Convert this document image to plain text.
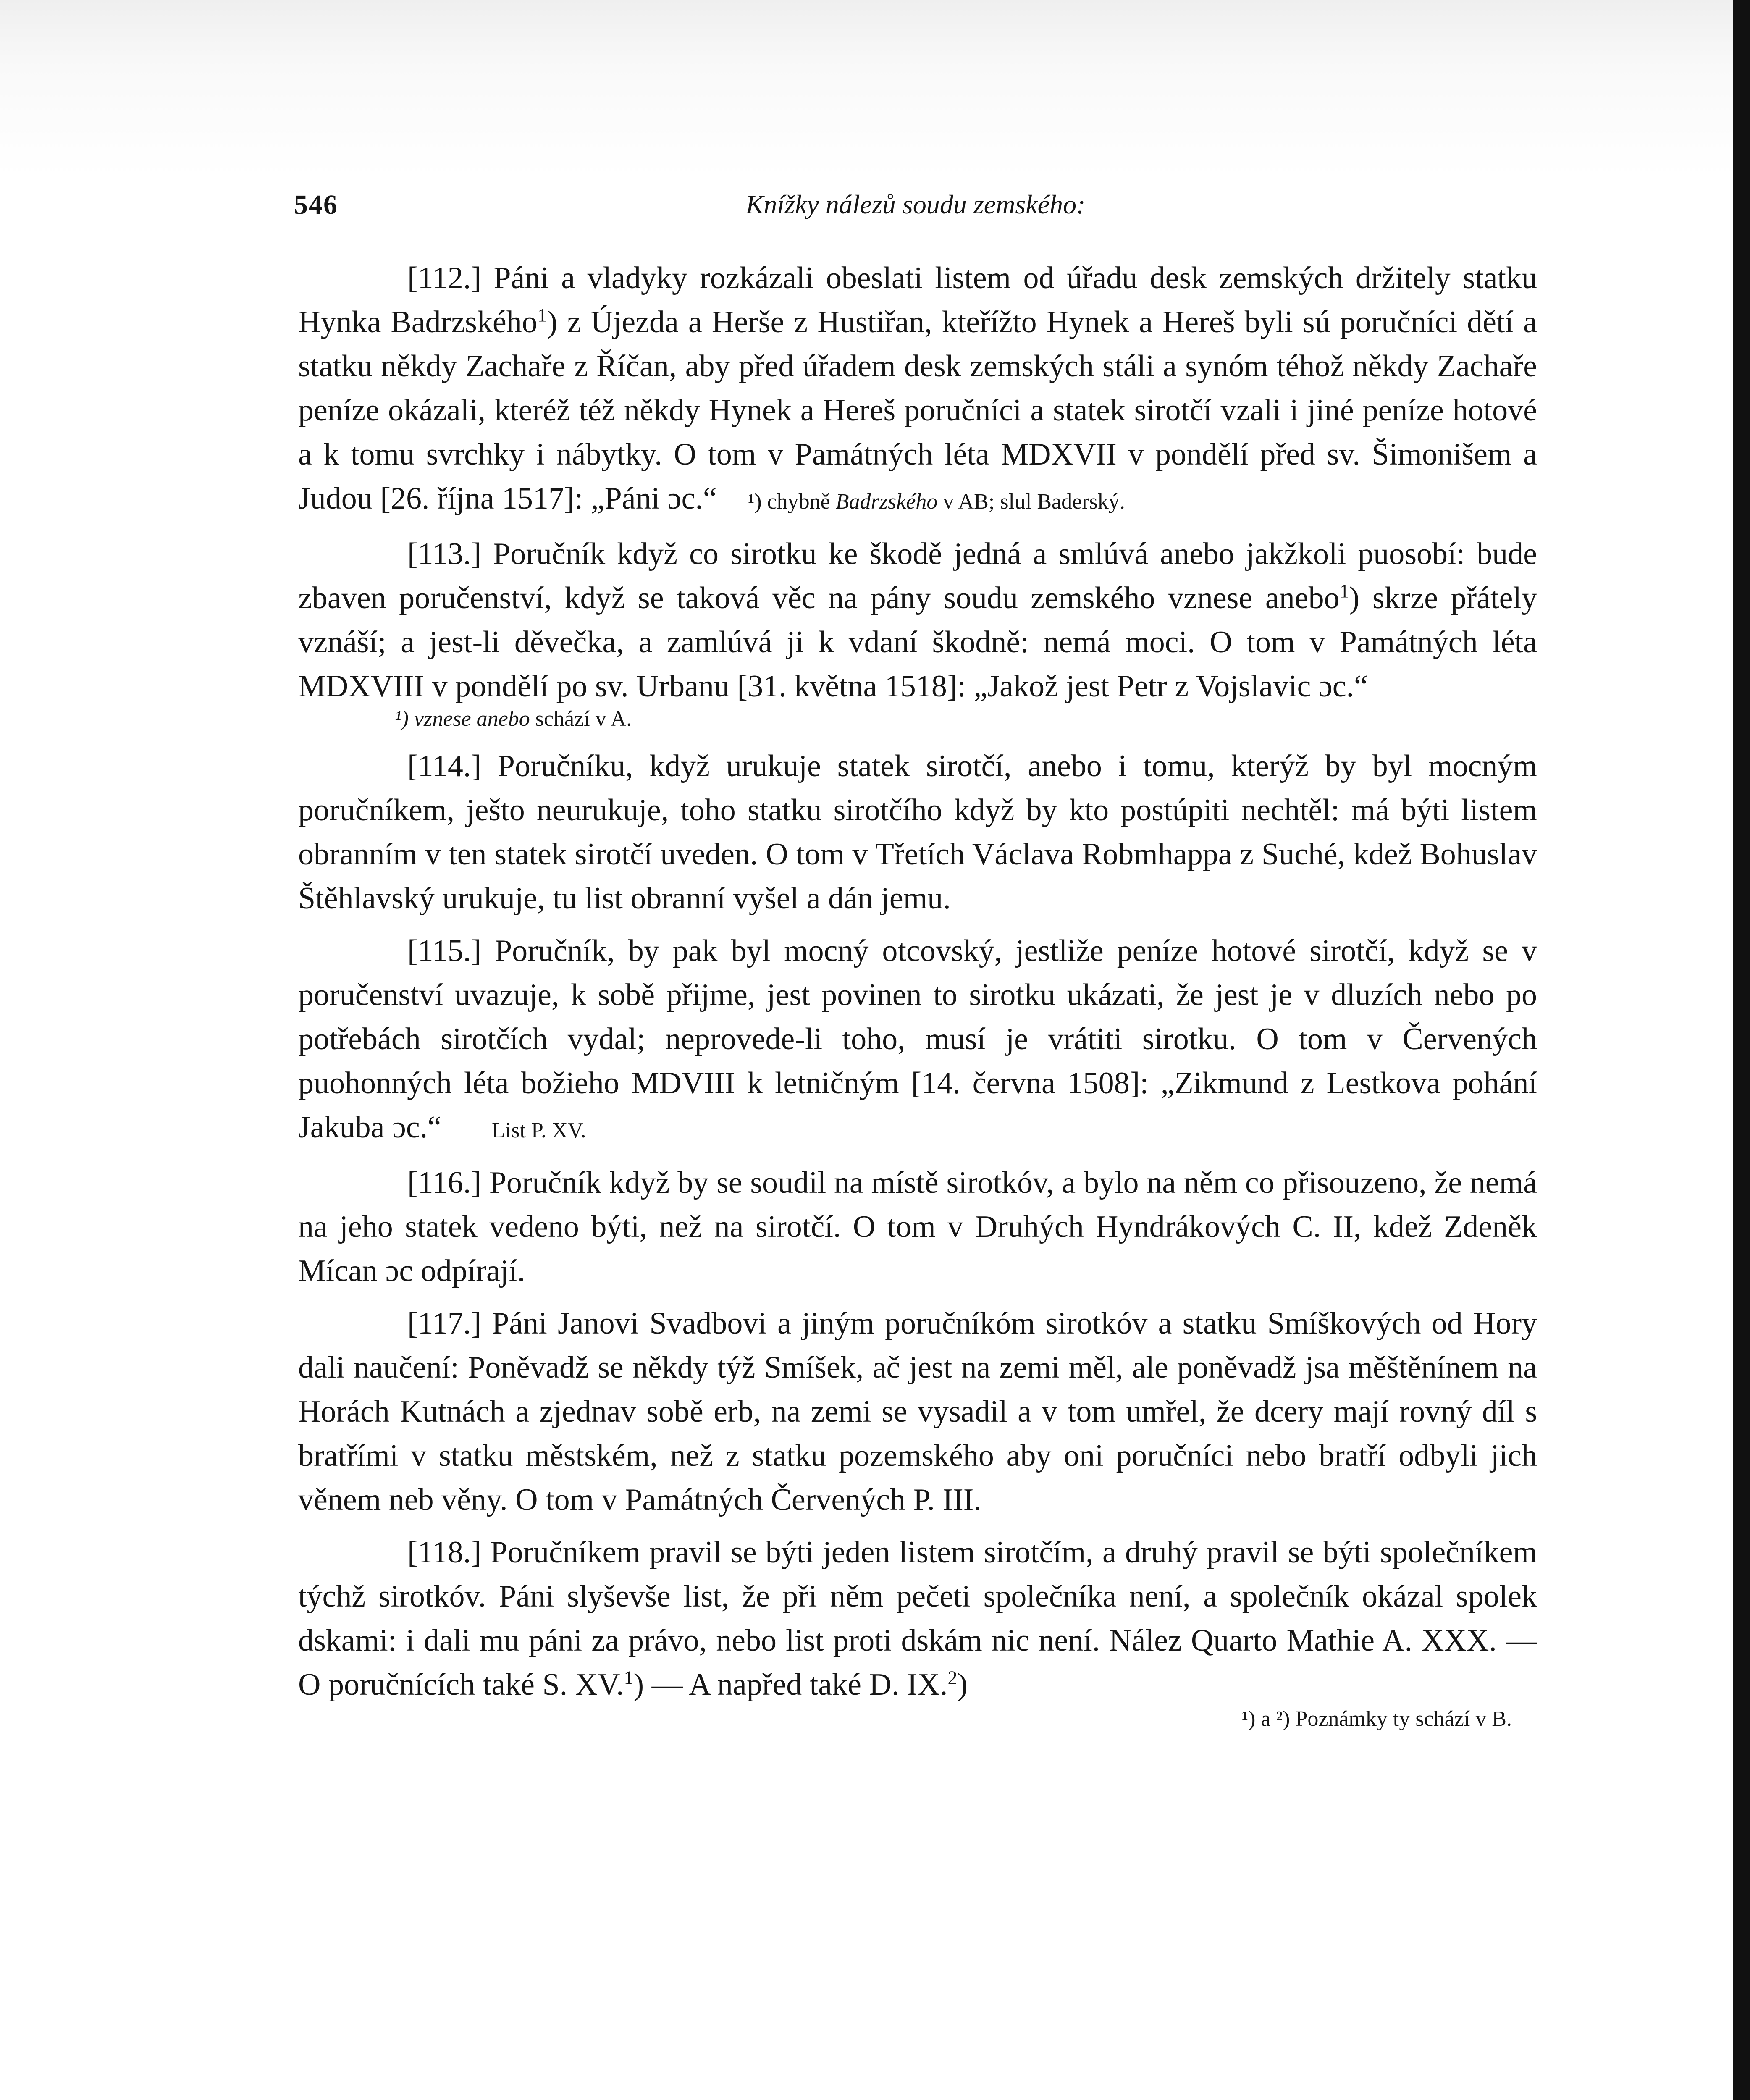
546	Knížky nálezů soudu zemského:

[112.] Páni a vladyky rozkázali obeslati listem od úřadu desk zemských držitely statku Hynka Badrzského$^1$) z Újezda a Herše z Hustiřan, kteřížto Hynek a Hereš byli sú poručníci dětí a statku někdy Zachaře z Říčan, aby před úřadem desk zemských stáli a synóm téhož někdy Zachaře peníze okázali, kteréž též někdy Hynek a Hereš poručníci a statek sirotčí vzali i jiné peníze hotové a k tomu svrchky i nábytky. O tom v Památných léta MDXVII v pondělí před sv. Šimonišem a Judou [26. října 1517]: „Páni ɔc.“ ¹) chybně Badrzského v AB; slul Baderský.

[113.] Poručník když co sirotku ke škodě jedná a smlúvá anebo jakžkoli puosobí: bude zbaven poručenství, když se taková věc na pány soudu zemského vznese anebo$^1$) skrze přátely vznáší; a jest-li děvečka, a zamlúvá ji k vdaní škodně: nemá moci. O tom v Památných léta MDXVIII v pondělí po sv. Urbanu [31. května 1518]: „Jakož jest Petr z Vojslavic ɔc.“

¹) vznese anebo schází v A.

[114.] Poručníku, když urukuje statek sirotčí, anebo i tomu, kterýž by byl mocným poručníkem, ješto neurukuje, toho statku sirotčího když by kto postúpiti nechtěl: má býti listem obranním v ten statek sirotčí uveden. O tom v Třetích Václava Robmhappa z Suché, kdež Bohuslav Štěhlavský urukuje, tu list obranní vyšel a dán jemu.

[115.] Poručník, by pak byl mocný otcovský, jestliže peníze hotové sirotčí, když se v poručenství uvazuje, k sobě přijme, jest povinen to sirotku ukázati, že jest je v dluzích nebo po potřebách sirotčích vydal; neprovede-li toho, musí je vrátiti sirotku. O tom v Červených puohonných léta božieho MDVIII k letničným [14. června 1508]: „Zikmund z Lestkova pohání Jakuba ɔc.“ List P. XV.

[116.] Poručník když by se soudil na místě sirotkóv, a bylo na něm co přisouzeno, že nemá na jeho statek vedeno býti, než na sirotčí. O tom v Druhých Hyndrákových C. II, kdež Zdeněk Mícan ɔc odpírají.

[117.] Páni Janovi Svadbovi a jiným poručníkóm sirotkóv a statku Smíškových od Hory dali naučení: Poněvadž se někdy týž Smíšek, ač jest na zemi měl, ale poněvadž jsa měštěnínem na Horách Kutnách a zjednav sobě erb, na zemi se vysadil a v tom umřel, že dcery mají rovný díl s bratřími v statku městském, než z statku pozemského aby oni poručníci nebo bratří odbyli jich věnem neb věny. O tom v Památných Červených P. III.

[118.] Poručníkem pravil se býti jeden listem sirotčím, a druhý pravil se býti společníkem týchž sirotkóv. Páni slyševše list, že při něm pečeti společníka není, a společník okázal spolek dskami: i dali mu páni za právo, nebo list proti dskám nic není. Nález Quarto Mathie A. XXX. — O poručnících také S. XV.$^1$) — A napřed také D. IX.$^2$)

¹) a ²) Poznámky ty schází v B.
